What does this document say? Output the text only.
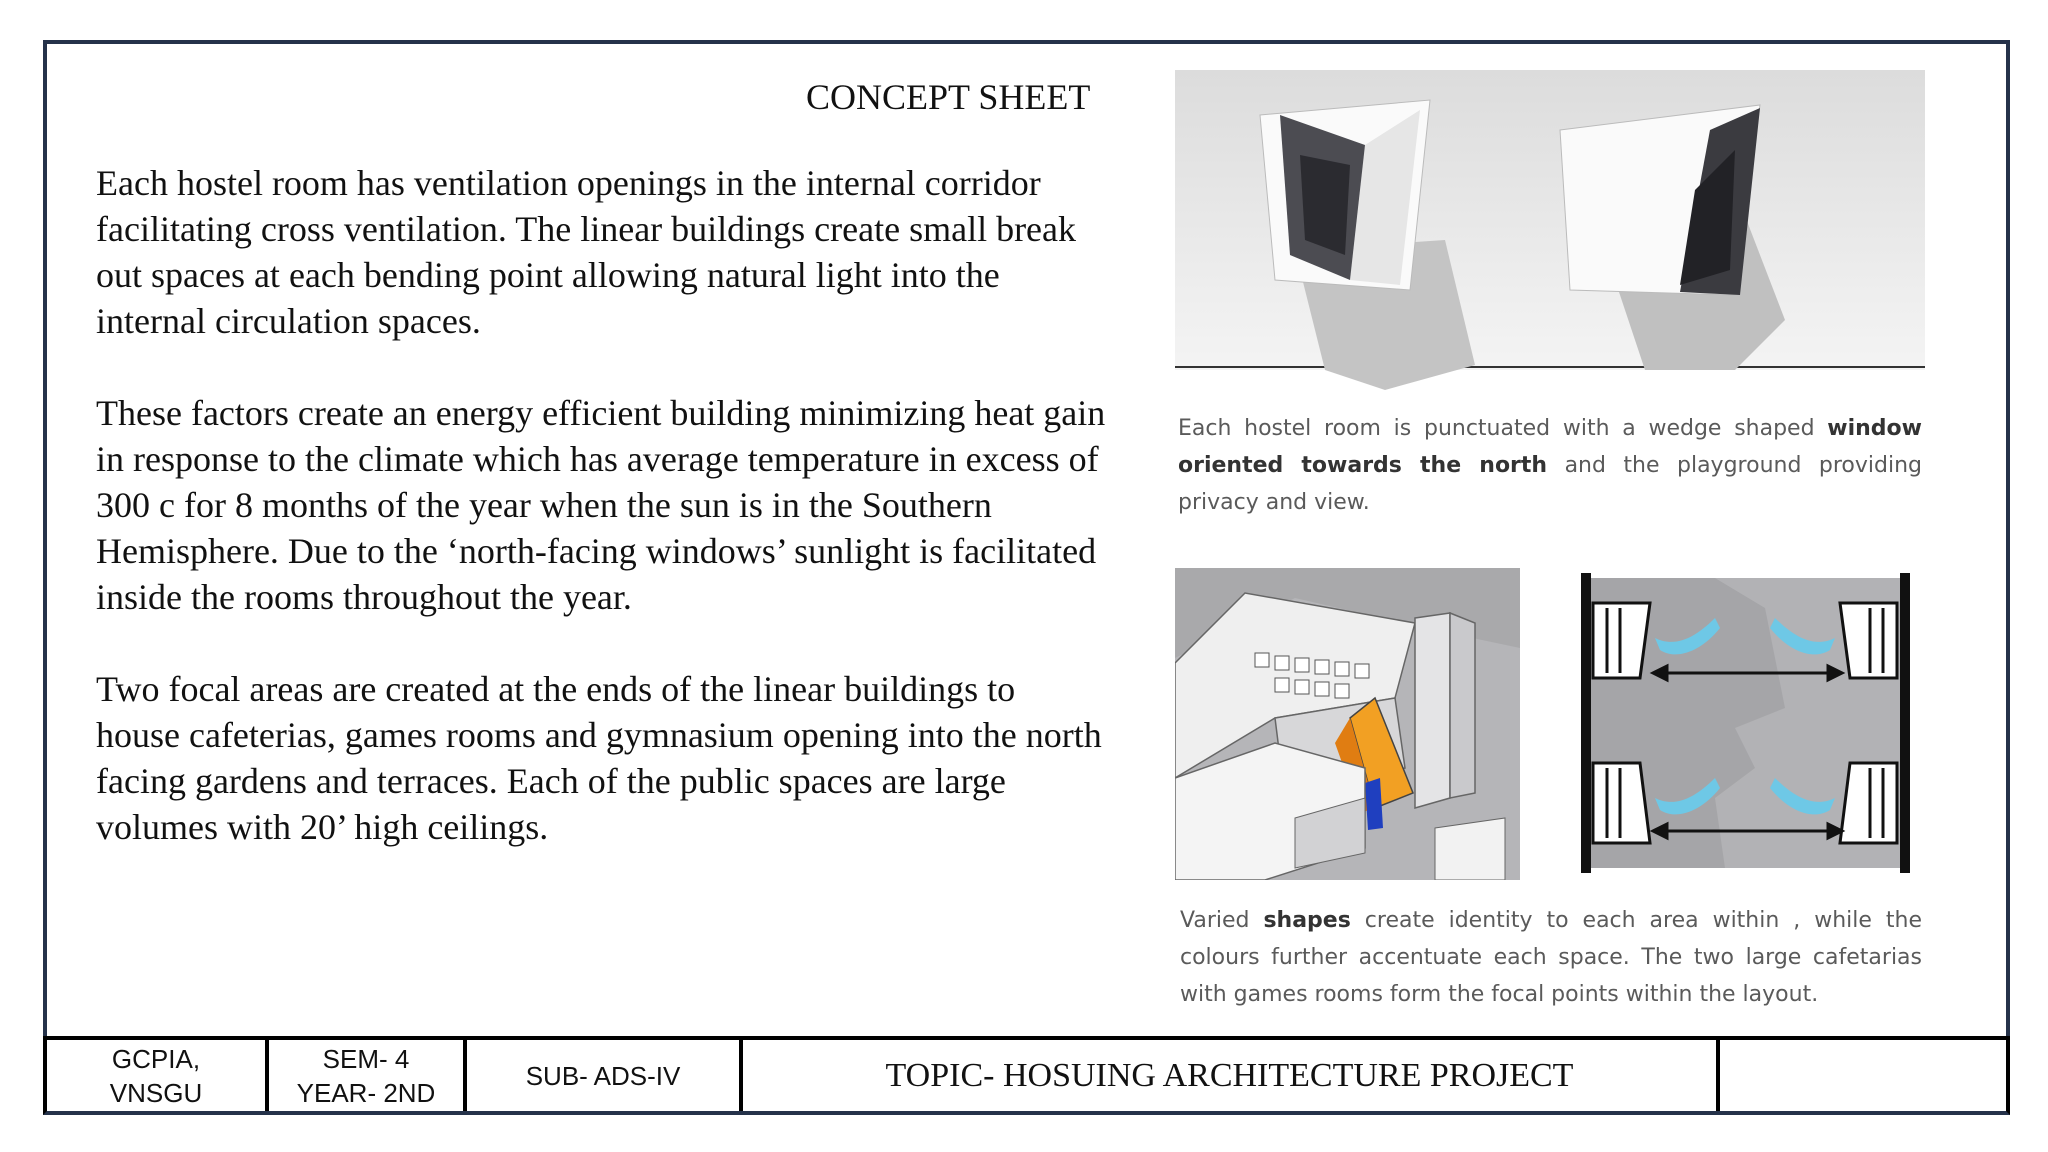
CONCEPT SHEET

Each hostel room has ventilation openings in the internal corridor facilitating cross ventilation. The linear buildings create small break out spaces at each bending point allowing natural light into the internal circulation spaces.

These factors create an energy efficient building minimizing heat gain in response to the climate which has average temperature in excess of 300 c for 8 months of the year when the sun is in the Southern Hemisphere. Due to the ‘north-facing windows’ sunlight is facilitated inside the rooms throughout the year.

Two focal areas are created at the ends of the linear buildings to house cafeterias, games rooms and gymnasium opening into the north facing gardens and terraces. Each of the public spaces are large volumes with 20’ high ceilings.

Each hostel room is punctuated with a wedge shaped window oriented towards the north and the playground providing privacy and view.
Varied shapes create identity to each area within , while the colours further accentuate each space. The two large cafetarias with games rooms form the focal points within the layout.
GCPIA,
VNSGU
SEM- 4
YEAR- 2ND
SUB- ADS-IV	TOPIC- HOSUING ARCHITECTURE PROJECT
